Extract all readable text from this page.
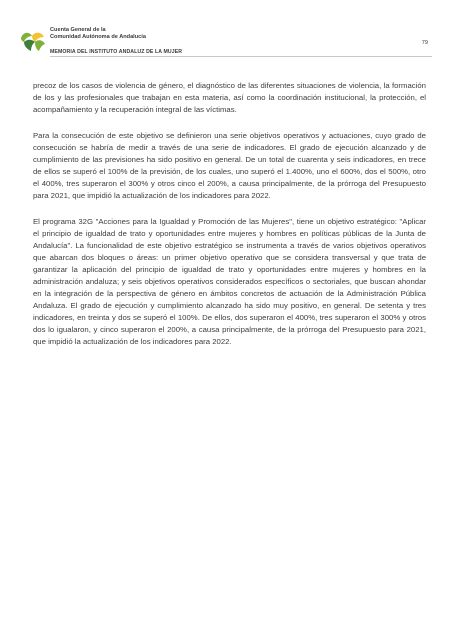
Cuenta General de la
Comunidad Autónoma de Andalucía
79
MEMORIA DEL INSTITUTO ANDALUZ DE LA MUJER

precoz de los casos de violencia de género, el diagnóstico de las diferentes situaciones de violencia, la formación de los y las profesionales que trabajan en esta materia, así como la coordinación institucional, la protección, el acompañamiento y la recuperación integral de las víctimas.

Para la consecución de este objetivo se definieron una serie objetivos operativos y actuaciones, cuyo grado de consecución se habría de medir a través de una serie de indicadores. El grado de ejecución alcanzado y de cumplimiento de las previsiones ha sido positivo en general. De un total de cuarenta y seis indicadores, en trece de ellos se superó el 100% de la previsión, de los cuales, uno superó el 1.400%, uno el 600%, dos el 500%, otro el 400%, tres superaron el 300% y otros cinco el 200%, a causa principalmente, de la prórroga del Presupuesto para 2021, que impidió la actualización de los indicadores para 2022.

El programa 32G "Acciones para la Igualdad y Promoción de las Mujeres", tiene un objetivo estratégico: "Aplicar el principio de igualdad de trato y oportunidades entre mujeres y hombres en políticas públicas de la Junta de Andalucía". La funcionalidad de este objetivo estratégico se instrumenta a través de varios objetivos operativos que abarcan dos bloques o áreas: un primer objetivo operativo que se considera transversal y que trata de garantizar la aplicación del principio de igualdad de trato y oportunidades entre mujeres y hombres en la administración andaluza; y seis objetivos operativos considerados específicos o sectoriales, que buscan ahondar en la integración de la perspectiva de género en ámbitos concretos de actuación de la Administración Pública Andaluza. El grado de ejecución y cumplimiento alcanzado ha sido muy positivo, en general. De setenta y tres indicadores, en treinta y dos se superó el 100%. De ellos, dos superaron el 400%, tres superaron el 300% y otros dos lo igualaron, y cinco superaron el 200%, a causa principalmente, de la prórroga del Presupuesto para 2021, que impidió la actualización de los indicadores para 2022.
